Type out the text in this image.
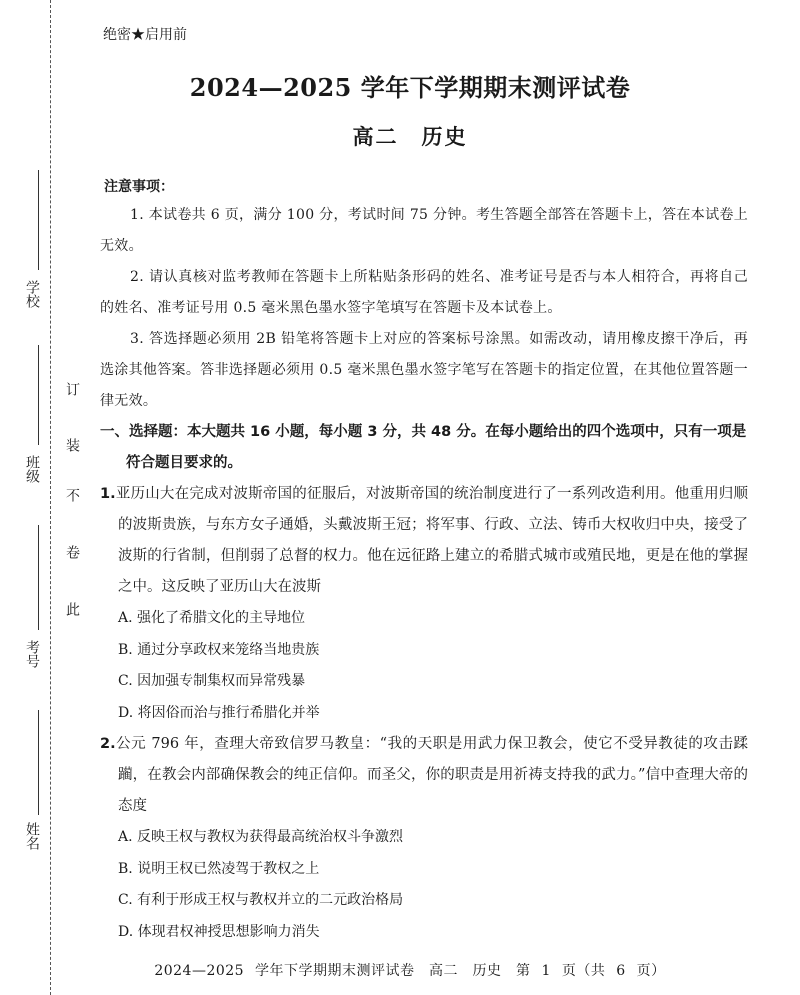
学校
班级
考号
姓名
订
装
不
卷
此
绝密★启用前
2024—2025 学年下学期期末测评试卷
高二　历史
注意事项：
1. 本试卷共 6 页，满分 100 分，考试时间 75 分钟。考生答题全部答在答题卡上，答在本试卷上无效。
2. 请认真核对监考教师在答题卡上所粘贴条形码的姓名、准考证号是否与本人相符合，再将自己的姓名、准考证号用 0.5 毫米黑色墨水签字笔填写在答题卡及本试卷上。
3. 答选择题必须用 2B 铅笔将答题卡上对应的答案标号涂黑。如需改动，请用橡皮擦干净后，再选涂其他答案。答非选择题必须用 0.5 毫米黑色墨水签字笔写在答题卡的指定位置，在其他位置答题一律无效。
一、选择题：本大题共 16 小题，每小题 3 分，共 48 分。在每小题给出的四个选项中，只有一项是符合题目要求的。
1.亚历山大在完成对波斯帝国的征服后，对波斯帝国的统治制度进行了一系列改造利用。他重用归顺的波斯贵族，与东方女子通婚，头戴波斯王冠；将军事、行政、立法、铸币大权收归中央，接受了波斯的行省制，但削弱了总督的权力。他在远征路上建立的希腊式城市或殖民地，更是在他的掌握之中。这反映了亚历山大在波斯
A. 强化了希腊文化的主导地位
B. 通过分享政权来笼络当地贵族
C. 因加强专制集权而异常残暴
D. 将因俗而治与推行希腊化并举
2.公元 796 年，查理大帝致信罗马教皇：“我的天职是用武力保卫教会，使它不受异教徒的攻击蹂躏，在教会内部确保教会的纯正信仰。而圣父，你的职责是用祈祷支持我的武力。”信中查理大帝的态度
A. 反映王权与教权为获得最高统治权斗争激烈
B. 说明王权已然凌驾于教权之上
C. 有利于形成王权与教权并立的二元政治格局
D. 体现君权神授思想影响力消失
2024—2025 学年下学期期末测评试卷　高二　历史　第 1 页（共 6 页）
